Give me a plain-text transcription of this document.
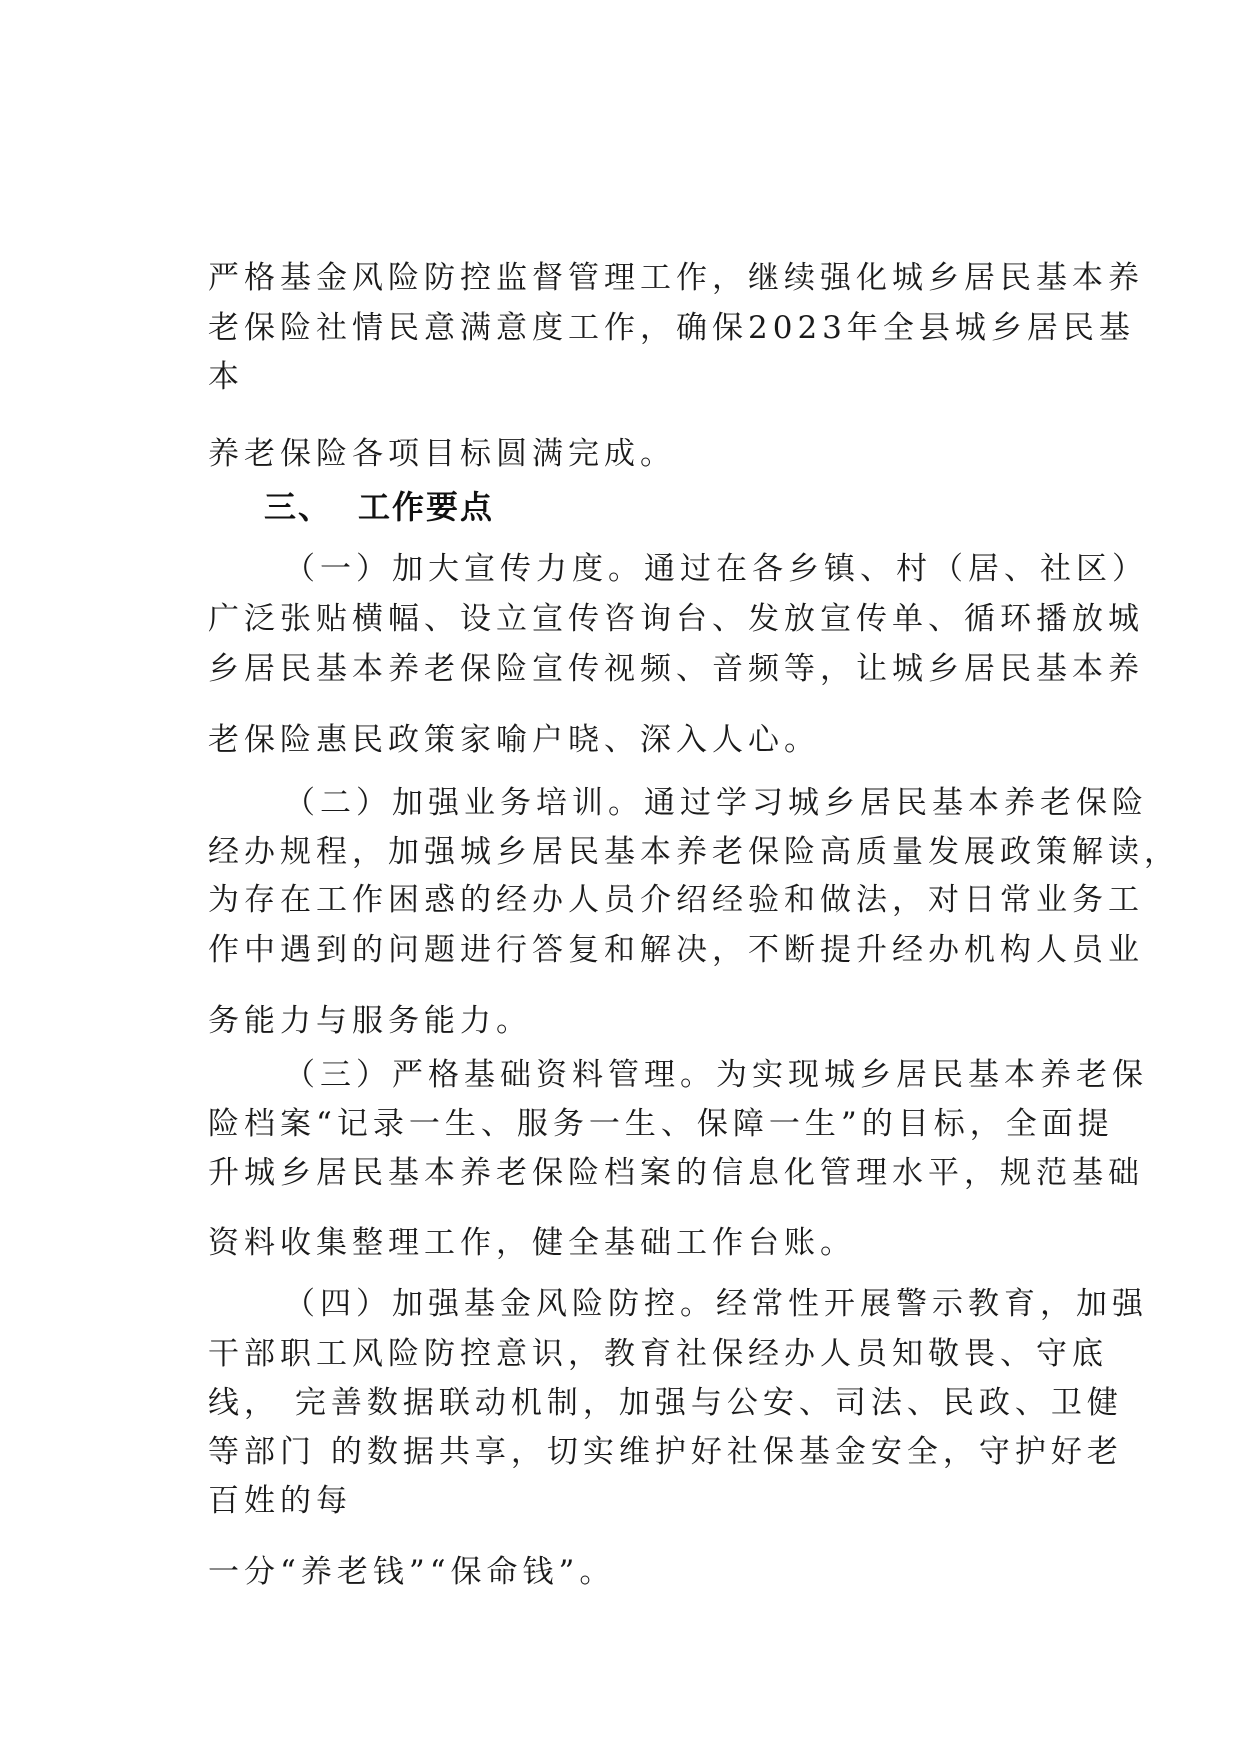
严格基金风险防控监督管理工作，继续强化城乡居民基本养
老保险社情民意满意度工作，确保2023年全县城乡居民基
本
养老保险各项目标圆满完成。
三、 工作要点
（一）加大宣传力度。通过在各乡镇、村（居、社区）
广泛张贴横幅、设立宣传咨询台、发放宣传单、循环播放城
乡居民基本养老保险宣传视频、音频等，让城乡居民基本养
老保险惠民政策家喻户晓、深入人心。
（二）加强业务培训。通过学习城乡居民基本养老保险
经办规程，加强城乡居民基本养老保险高质量发展政策解读，
为存在工作困惑的经办人员介绍经验和做法，对日常业务工
作中遇到的问题进行答复和解决，不断提升经办机构人员业
务能力与服务能力。
（三）严格基础资料管理。为实现城乡居民基本养老保
险档案“记录一生、服务一生、保障一生”的目标，全面提
升城乡居民基本养老保险档案的信息化管理水平，规范基础
资料收集整理工作，健全基础工作台账。
（四）加强基金风险防控。经常性开展警示教育，加强
干部职工风险防控意识，教育社保经办人员知敬畏、守底
线， 完善数据联动机制，加强与公安、司法、民政、卫健
等部门 的数据共享，切实维护好社保基金安全，守护好老
百姓的每
一分“养老钱”“保命钱”。
